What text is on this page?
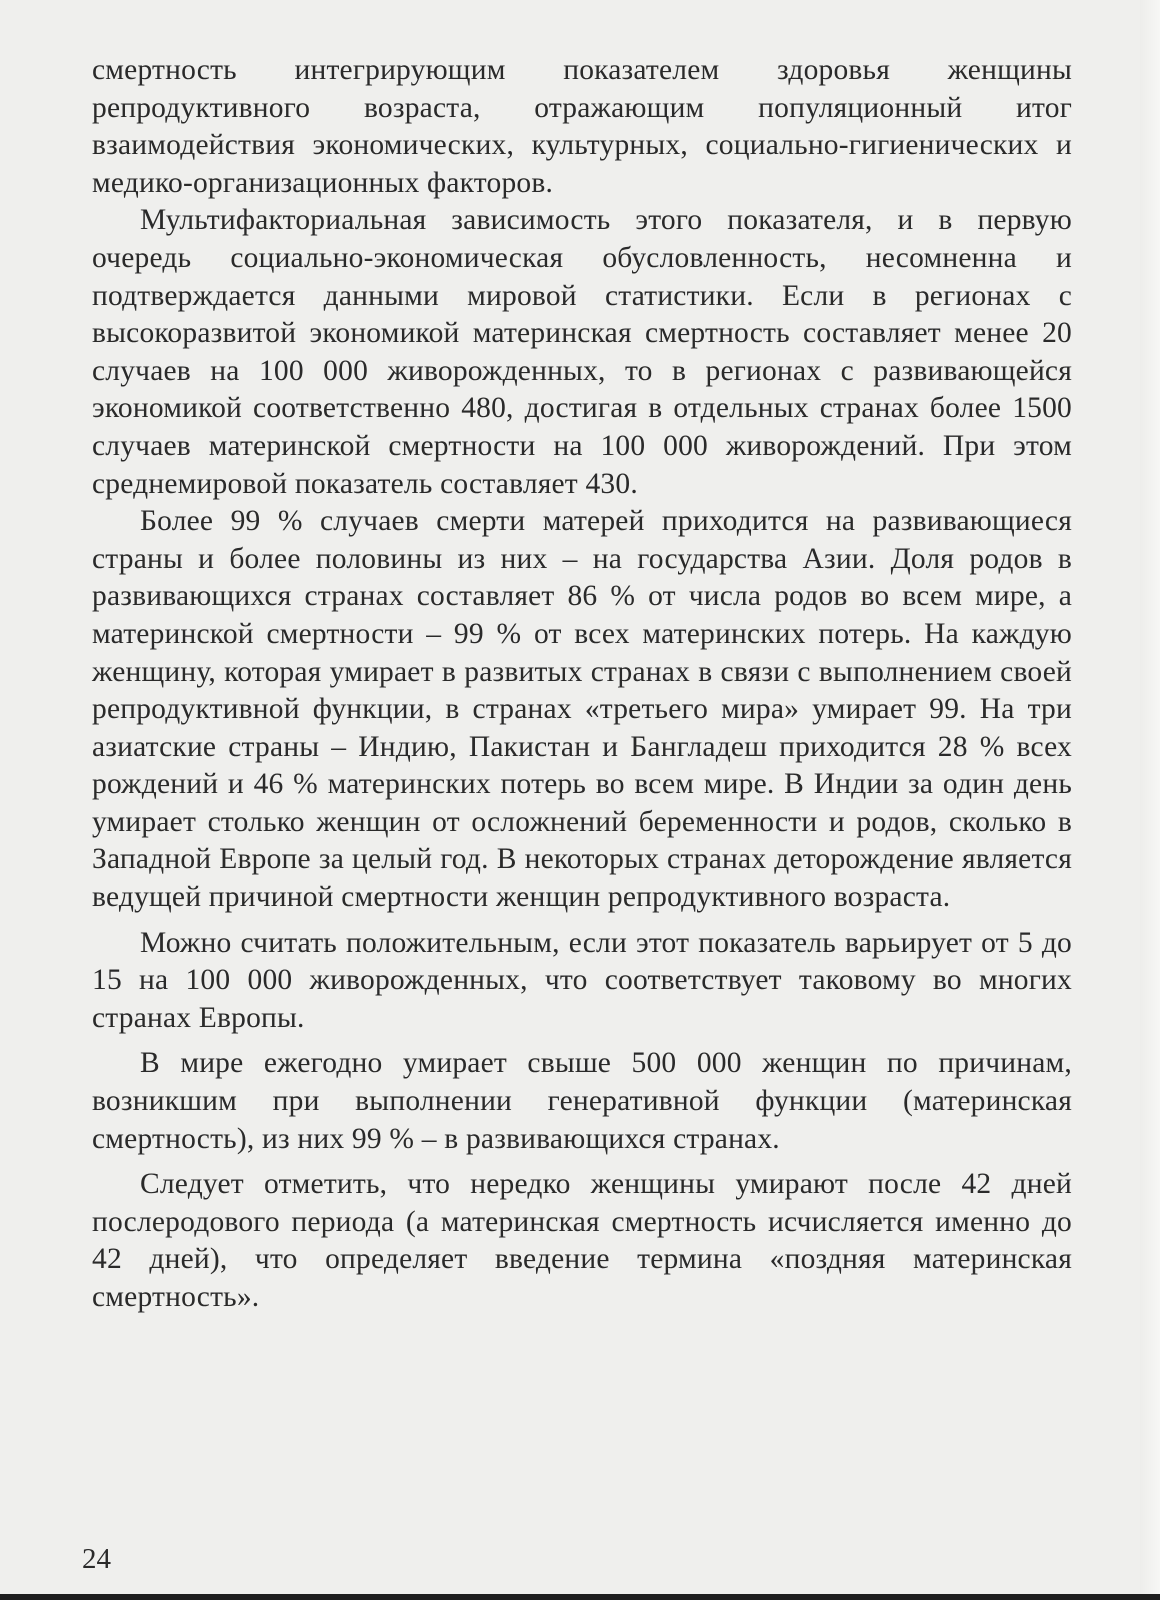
смертность интегрирующим показателем здоровья женщины репродуктивного возраста, отражающим популяционный итог взаимодействия экономических, культурных, социально-гигиенических и медико-организационных факторов.

Мультифакториальная зависимость этого показателя, и в первую очередь социально-экономическая обусловленность, несомненна и подтверждается данными мировой статистики. Если в регионах с высокоразвитой экономикой материнская смертность составляет менее 20 случаев на 100 000 живорожденных, то в регионах с развивающейся экономикой соответственно 480, достигая в отдельных странах более 1500 случаев материнской смертности на 100 000 живорождений. При этом среднемировой показатель составляет 430.

Более 99 % случаев смерти матерей приходится на развивающиеся страны и более половины из них – на государства Азии. Доля родов в развивающихся странах составляет 86 % от числа родов во всем мире, а материнской смертности – 99 % от всех материнских потерь. На каждую женщину, которая умирает в развитых странах в связи с выполнением своей репродуктивной функции, в странах «третьего мира» умирает 99. На три азиатские страны – Индию, Пакистан и Бангладеш приходится 28 % всех рождений и 46 % материнских потерь во всем мире. В Индии за один день умирает столько женщин от осложнений беременности и родов, сколько в Западной Европе за целый год. В некоторых странах деторождение является ведущей причиной смертности женщин репродуктивного возраста.

Можно считать положительным, если этот показатель варьирует от 5 до 15 на 100 000 живорожденных, что соответствует таковому во многих странах Европы.

В мире ежегодно умирает свыше 500 000 женщин по причинам, возникшим при выполнении генеративной функции (материнская смертность), из них 99 % – в развивающихся странах.

Следует отметить, что нередко женщины умирают после 42 дней послеродового периода (а материнская смертность исчисляется именно до 42 дней), что определяет введение термина «поздняя материнская смертность».

24
